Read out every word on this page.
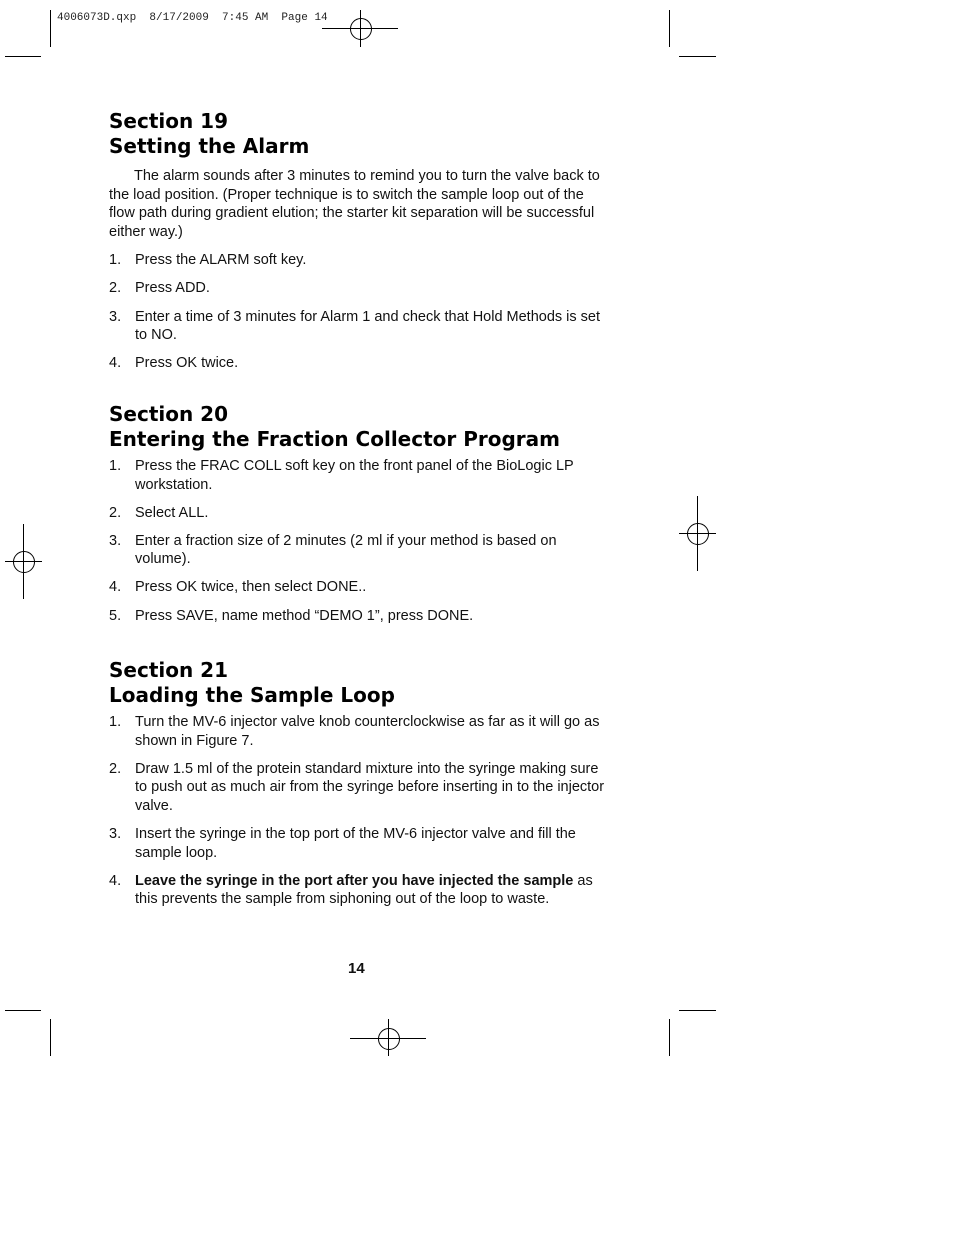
4006073D.qxp  8/17/2009  7:45 AM  Page 14
Section 19
Setting the Alarm

The alarm sounds after 3 minutes to remind you to turn the valve back to the load position. (Proper technique is to switch the sample loop out of the flow path during gradient elution; the starter kit separation will be successful either way.)

1. Press the ALARM soft key.
2. Press ADD.
3. Enter a time of 3 minutes for Alarm 1 and check that Hold Methods is set to NO.
4. Press OK twice.
Section 20
Entering the Fraction Collector Program
1. Press the FRAC COLL soft key on the front panel of the BioLogic LP workstation.
2. Select ALL.
3. Enter a fraction size of 2 minutes (2 ml if your method is based on volume).
4. Press OK twice, then select DONE..
5. Press SAVE, name method “DEMO 1”, press DONE.
Section 21
Loading the Sample Loop
1. Turn the MV-6 injector valve knob counterclockwise as far as it will go as shown in Figure 7.
2. Draw 1.5 ml of the protein standard mixture into the syringe making sure to push out as much air from the syringe before inserting in to the injector valve.
3. Insert the syringe in the top port of the MV-6 injector valve and fill the sample loop.
4. Leave the syringe in the port after you have injected the sample as this prevents the sample from siphoning out of the loop to waste.
14
